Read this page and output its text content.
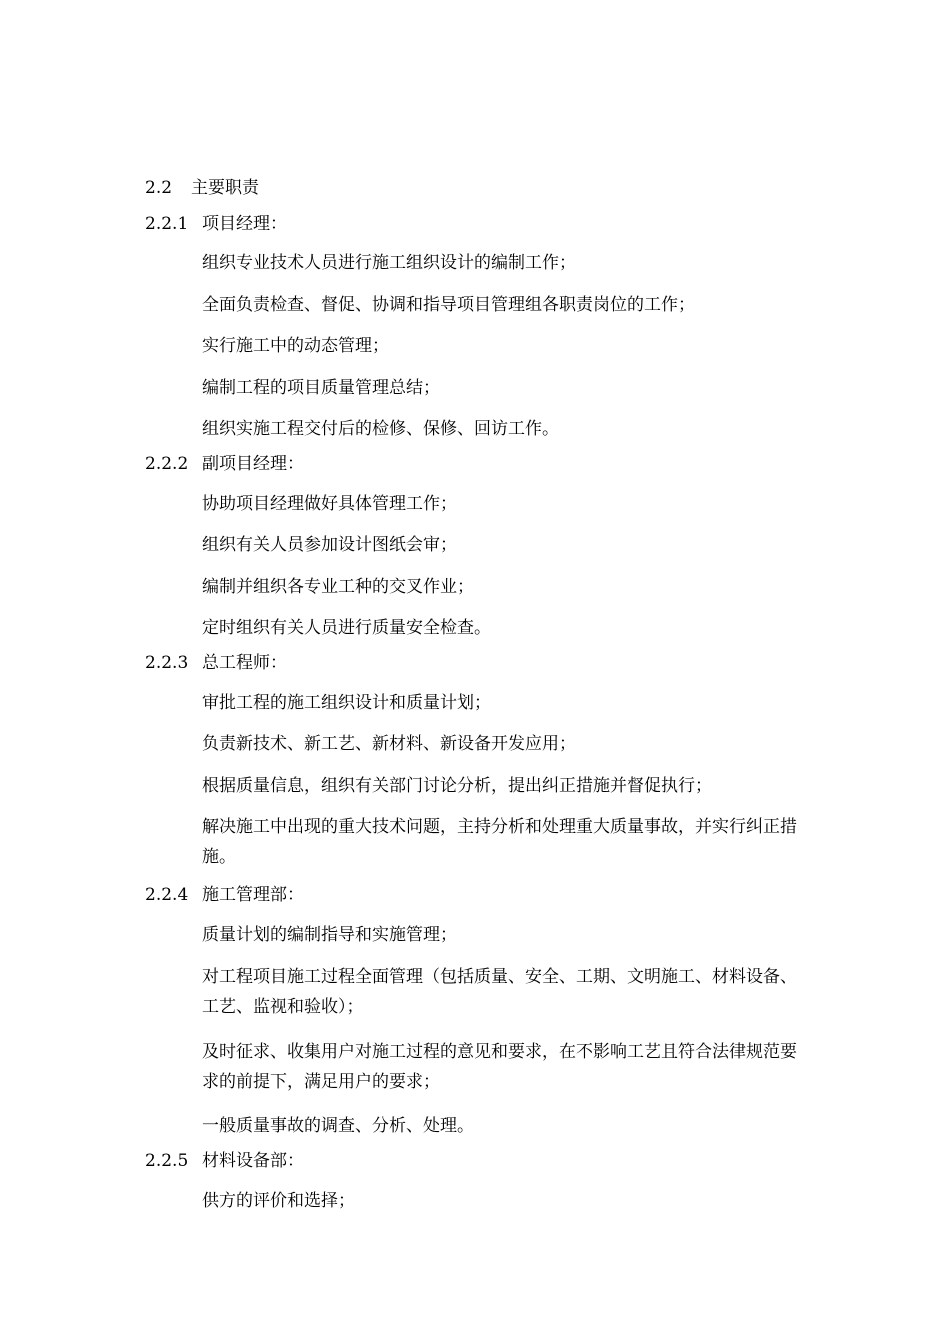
2.2 主要职责
2.2.1 项目经理：
组织专业技术人员进行施工组织设计的编制工作；
全面负责检查、督促、协调和指导项目管理组各职责岗位的工作；
实行施工中的动态管理；
编制工程的项目质量管理总结；
组织实施工程交付后的检修、保修、回访工作。
2.2.2 副项目经理：
协助项目经理做好具体管理工作；
组织有关人员参加设计图纸会审；
编制并组织各专业工种的交叉作业；
定时组织有关人员进行质量安全检查。
2.2.3 总工程师：
审批工程的施工组织设计和质量计划；
负责新技术、新工艺、新材料、新设备开发应用；
根据质量信息，组织有关部门讨论分析，提出纠正措施并督促执行；
解决施工中出现的重大技术问题，主持分析和处理重大质量事故，并实行纠正措施。
2.2.4 施工管理部：
质量计划的编制指导和实施管理；
对工程项目施工过程全面管理（包括质量、安全、工期、文明施工、材料设备、工艺、监视和验收）；
及时征求、收集用户对施工过程的意见和要求，在不影响工艺且符合法律规范要求的前提下，满足用户的要求；
一般质量事故的调查、分析、处理。
2.2.5 材料设备部：
供方的评价和选择；
